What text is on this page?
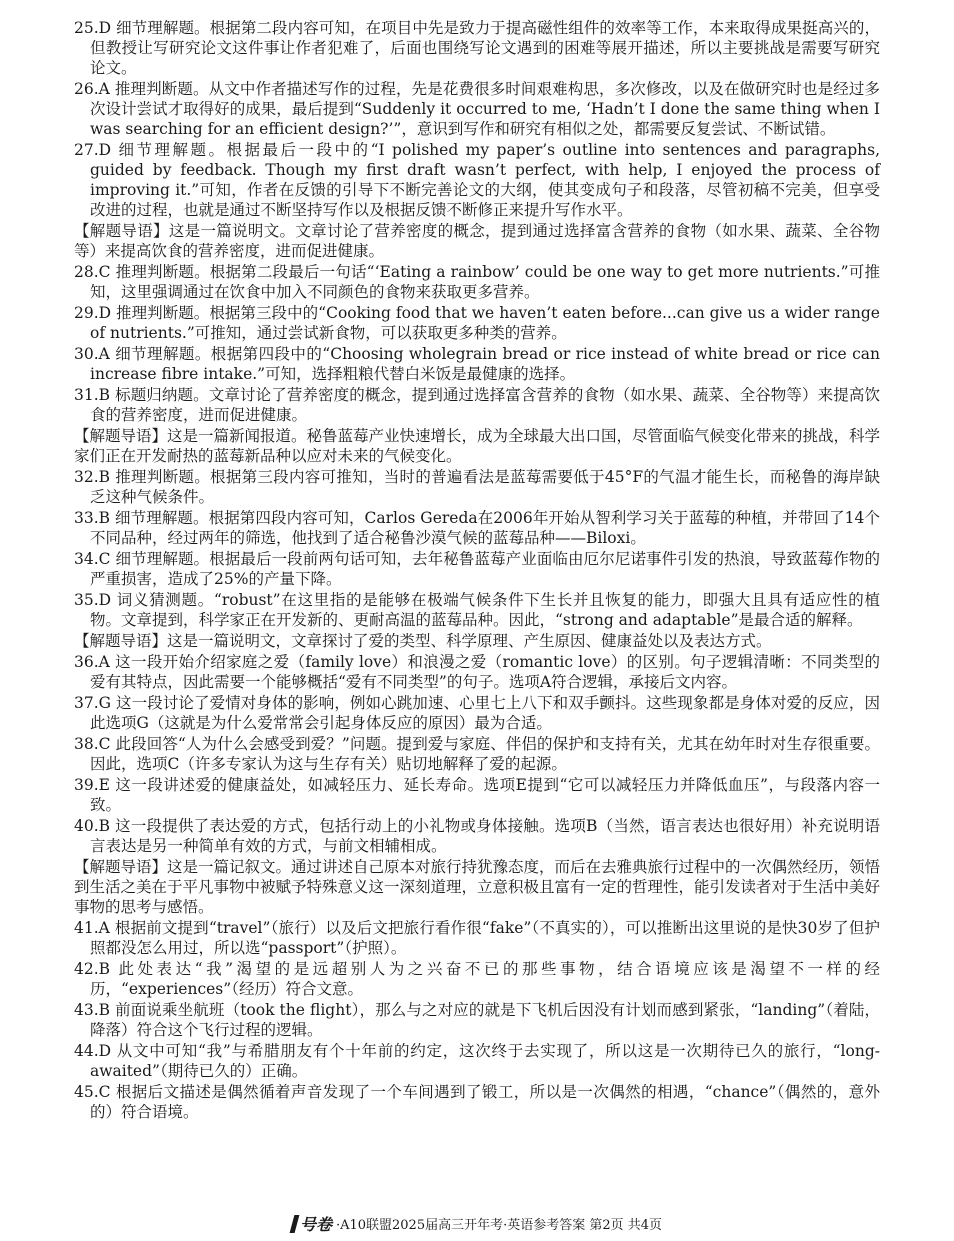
25.D 细节理解题。根据第二段内容可知，在项目中先是致力于提高磁性组件的效率等工作，本来取得成果挺高兴的，但教授让写研究论文这件事让作者犯难了，后面也围绕写论文遇到的困难等展开描述，所以主要挑战是需要写研究论文。

26.A 推理判断题。从文中作者描述写作的过程，先是花费很多时间艰难构思，多次修改，以及在做研究时也是经过多次设计尝试才取得好的成果，最后提到“Suddenly it occurred to me, ‘Hadn’t I done the same thing when I was searching for an efficient design?’”，意识到写作和研究有相似之处，都需要反复尝试、不断试错。

27.D 细节理解题。根据最后一段中的“I polished my paper’s outline into sentences and paragraphs, guided by feedback. Though my first draft wasn’t perfect, with help, I enjoyed the process of improving it.”可知，作者在反馈的引导下不断完善论文的大纲，使其变成句子和段落，尽管初稿不完美，但享受改进的过程，也就是通过不断坚持写作以及根据反馈不断修正来提升写作水平。

【解题导语】这是一篇说明文。文章讨论了营养密度的概念，提到通过选择富含营养的食物（如水果、蔬菜、全谷物等）来提高饮食的营养密度，进而促进健康。

28.C 推理判断题。根据第二段最后一句话“‘Eating a rainbow’ could be one way to get more nutrients.”可推知，这里强调通过在饮食中加入不同颜色的食物来获取更多营养。

29.D 推理判断题。根据第三段中的“Cooking food that we haven’t eaten before...can give us a wider range of nutrients.”可推知，通过尝试新食物，可以获取更多种类的营养。

30.A 细节理解题。根据第四段中的“Choosing wholegrain bread or rice instead of white bread or rice can increase fibre intake.”可知，选择粗粮代替白米饭是最健康的选择。

31.B 标题归纳题。文章讨论了营养密度的概念，提到通过选择富含营养的食物（如水果、蔬菜、全谷物等）来提高饮食的营养密度，进而促进健康。

【解题导语】这是一篇新闻报道。秘鲁蓝莓产业快速增长，成为全球最大出口国，尽管面临气候变化带来的挑战，科学家们正在开发耐热的蓝莓新品种以应对未来的气候变化。

32.B 推理判断题。根据第三段内容可推知，当时的普遍看法是蓝莓需要低于45°F的气温才能生长，而秘鲁的海岸缺乏这种气候条件。

33.B 细节理解题。根据第四段内容可知，Carlos Gereda在2006年开始从智利学习关于蓝莓的种植，并带回了14个不同品种，经过两年的筛选，他找到了适合秘鲁沙漠气候的蓝莓品种——Biloxi。

34.C 细节理解题。根据最后一段前两句话可知，去年秘鲁蓝莓产业面临由厄尔尼诺事件引发的热浪，导致蓝莓作物的严重损害，造成了25%的产量下降。

35.D 词义猜测题。“robust”在这里指的是能够在极端气候条件下生长并且恢复的能力，即强大且具有适应性的植物。文章提到，科学家正在开发新的、更耐高温的蓝莓品种。因此，“strong and adaptable”是最合适的解释。

【解题导语】这是一篇说明文，文章探讨了爱的类型、科学原理、产生原因、健康益处以及表达方式。

36.A 这一段开始介绍家庭之爱（family love）和浪漫之爱（romantic love）的区别。句子逻辑清晰：不同类型的爱有其特点，因此需要一个能够概括“爱有不同类型”的句子。选项A符合逻辑，承接后文内容。

37.G 这一段讨论了爱情对身体的影响，例如心跳加速、心里七上八下和双手颤抖。这些现象都是身体对爱的反应，因此选项G（这就是为什么爱常常会引起身体反应的原因）最为合适。

38.C 此段回答“人为什么会感受到爱？”问题。提到爱与家庭、伴侣的保护和支持有关，尤其在幼年时对生存很重要。因此，选项C（许多专家认为这与生存有关）贴切地解释了爱的起源。

39.E 这一段讲述爱的健康益处，如减轻压力、延长寿命。选项E提到“它可以减轻压力并降低血压”，与段落内容一致。

40.B 这一段提供了表达爱的方式，包括行动上的小礼物或身体接触。选项B（当然，语言表达也很好用）补充说明语言表达是另一种简单有效的方式，与前文相辅相成。

【解题导语】这是一篇记叙文。通过讲述自己原本对旅行持犹豫态度，而后在去雅典旅行过程中的一次偶然经历，领悟到生活之美在于平凡事物中被赋予特殊意义这一深刻道理，立意积极且富有一定的哲理性，能引发读者对于生活中美好事物的思考与感悟。

41.A 根据前文提到“travel”（旅行）以及后文把旅行看作很“fake”（不真实的），可以推断出这里说的是快30岁了但护照都没怎么用过，所以选“passport”（护照）。

42.B 此处表达“我”渴望的是远超别人为之兴奋不已的那些事物，结合语境应该是渴望不一样的经历，“experiences”（经历）符合文意。

43.B 前面说乘坐航班（took the flight），那么与之对应的就是下飞机后因没有计划而感到紧张，“landing”（着陆，降落）符合这个飞行过程的逻辑。

44.D 从文中可知“我”与希腊朋友有个十年前的约定，这次终于去实现了，所以这是一次期待已久的旅行，“long-awaited”（期待已久的）正确。

45.C 根据后文描述是偶然循着声音发现了一个车间遇到了锻工，所以是一次偶然的相遇，“chance”（偶然的，意外的）符合语境。

号卷 ·A10联盟2025届高三开年考·英语参考答案 第2页 共4页
